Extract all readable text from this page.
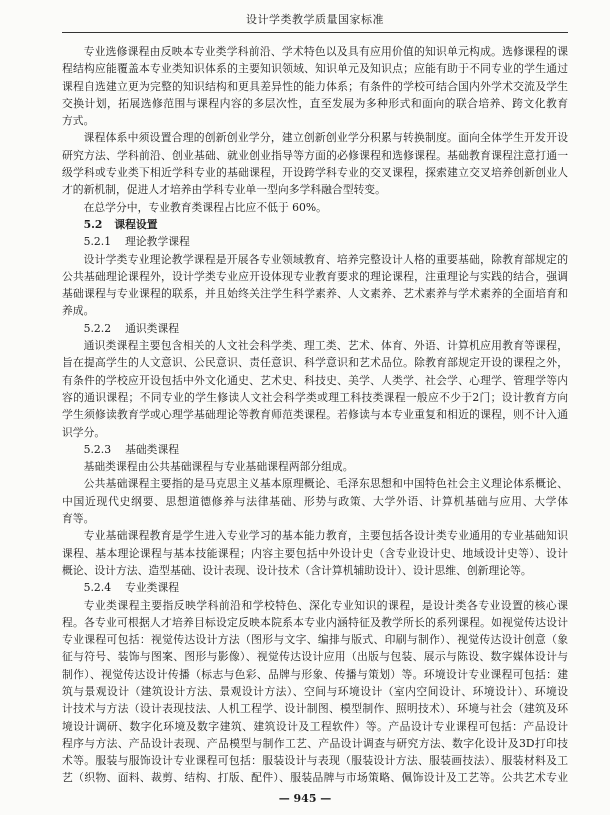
设计学类教学质量国家标准
专业选修课程由反映本专业类学科前沿、学术特色以及具有应用价值的知识单元构成。选修课程的课
程结构应能覆盖本专业类知识体系的主要知识领域、知识单元及知识点；应能有助于不同专业的学生通过
课程自选建立更为完整的知识结构和更具差异性的能力体系；有条件的学校可结合国内外学术交流及学生
交换计划，拓展选修范围与课程内容的多层次性，直至发展为多种形式和面向的联合培养、跨文化教育
方式。
课程体系中须设置合理的创新创业学分，建立创新创业学分积累与转换制度。面向全体学生开发开设
研究方法、学科前沿、创业基础、就业创业指导等方面的必修课程和选修课程。基础教育课程注意打通一
级学科或专业类下相近学科专业的基础课程，开设跨学科专业的交叉课程，探索建立交叉培养创新创业人
才的新机制，促进人才培养由学科专业单一型向多学科融合型转变。
在总学分中，专业教育类课程占比应不低于 60%。
5.2 课程设置
5.2.1 理论教学课程
设计学类专业理论教学课程是开展各专业领域教育、培养完整设计人格的重要基础，除教育部规定的
公共基础理论课程外，设计学类专业应开设体现专业教育要求的理论课程，注重理论与实践的结合，强调
基础课程与专业课程的联系，并且始终关注学生科学素养、人文素养、艺术素养与学术素养的全面培育和
养成。
5.2.2 通识类课程
通识类课程主要包含相关的人文社会科学类、理工类、艺术、体育、外语、计算机应用教育等课程，
旨在提高学生的人文意识、公民意识、责任意识、科学意识和艺术品位。除教育部规定开设的课程之外，
有条件的学校应开设包括中外文化通史、艺术史、科技史、美学、人类学、社会学、心理学、管理学等内
容的通识课程；不同专业的学生修读人文社会科学类或理工科技类课程一般应不少于2门；设计教育方向
学生须修读教育学或心理学基础理论等教育师范类课程。若修读与本专业重复和相近的课程，则不计入通
识学分。
5.2.3 基础类课程
基础类课程由公共基础课程与专业基础课程两部分组成。
公共基础课程主要指的是马克思主义基本原理概论、毛泽东思想和中国特色社会主义理论体系概论、
中国近现代史纲要、思想道德修养与法律基础、形势与政策、大学外语、计算机基础与应用、大学体
育等。
专业基础课程教育是学生进入专业学习的基本能力教育，主要包括各设计类专业通用的专业基础知识
课程、基本理论课程与基本技能课程；内容主要包括中外设计史（含专业设计史、地域设计史等）、设计
概论、设计方法、造型基础、设计表现、设计技术（含计算机辅助设计）、设计思维、创新理论等。
5.2.4 专业类课程
专业类课程主要指反映学科前沿和学校特色、深化专业知识的课程，是设计类各专业设置的核心课
程。各专业可根据人才培养目标设定反映本院系本专业内涵特征及教学所长的系列课程。如视觉传达设计
专业课程可包括：视觉传达设计方法（图形与文字、编排与版式、印刷与制作）、视觉传达设计创意（象
征与符号、装饰与图案、图形与影像）、视觉传达设计应用（出版与包装、展示与陈设、数字媒体设计与
制作）、视觉传达设计传播（标志与色彩、品牌与形象、传播与策划）等。环境设计专业课程可包括：建
筑与景观设计（建筑设计方法、景观设计方法）、空间与环境设计（室内空间设计、环境设计）、环境设
计技术与方法（设计表现技法、人机工程学、设计制图、模型制作、照明技术）、环境与社会（建筑及环
境设计调研、数字化环境及数字建筑、建筑设计及工程软件）等。产品设计专业课程可包括：产品设计
程序与方法、产品设计表现、产品模型与制作工艺、产品设计调查与研究方法、数字化设计及3D打印技
术等。服装与服饰设计专业课程可包括：服装设计与表现（服装设计方法、服装画技法）、服装材料及工
艺（织物、面料、裁剪、结构、打版、配件）、服装品牌与市场策略、佩饰设计及工艺等。公共艺术专业
— 945 —
